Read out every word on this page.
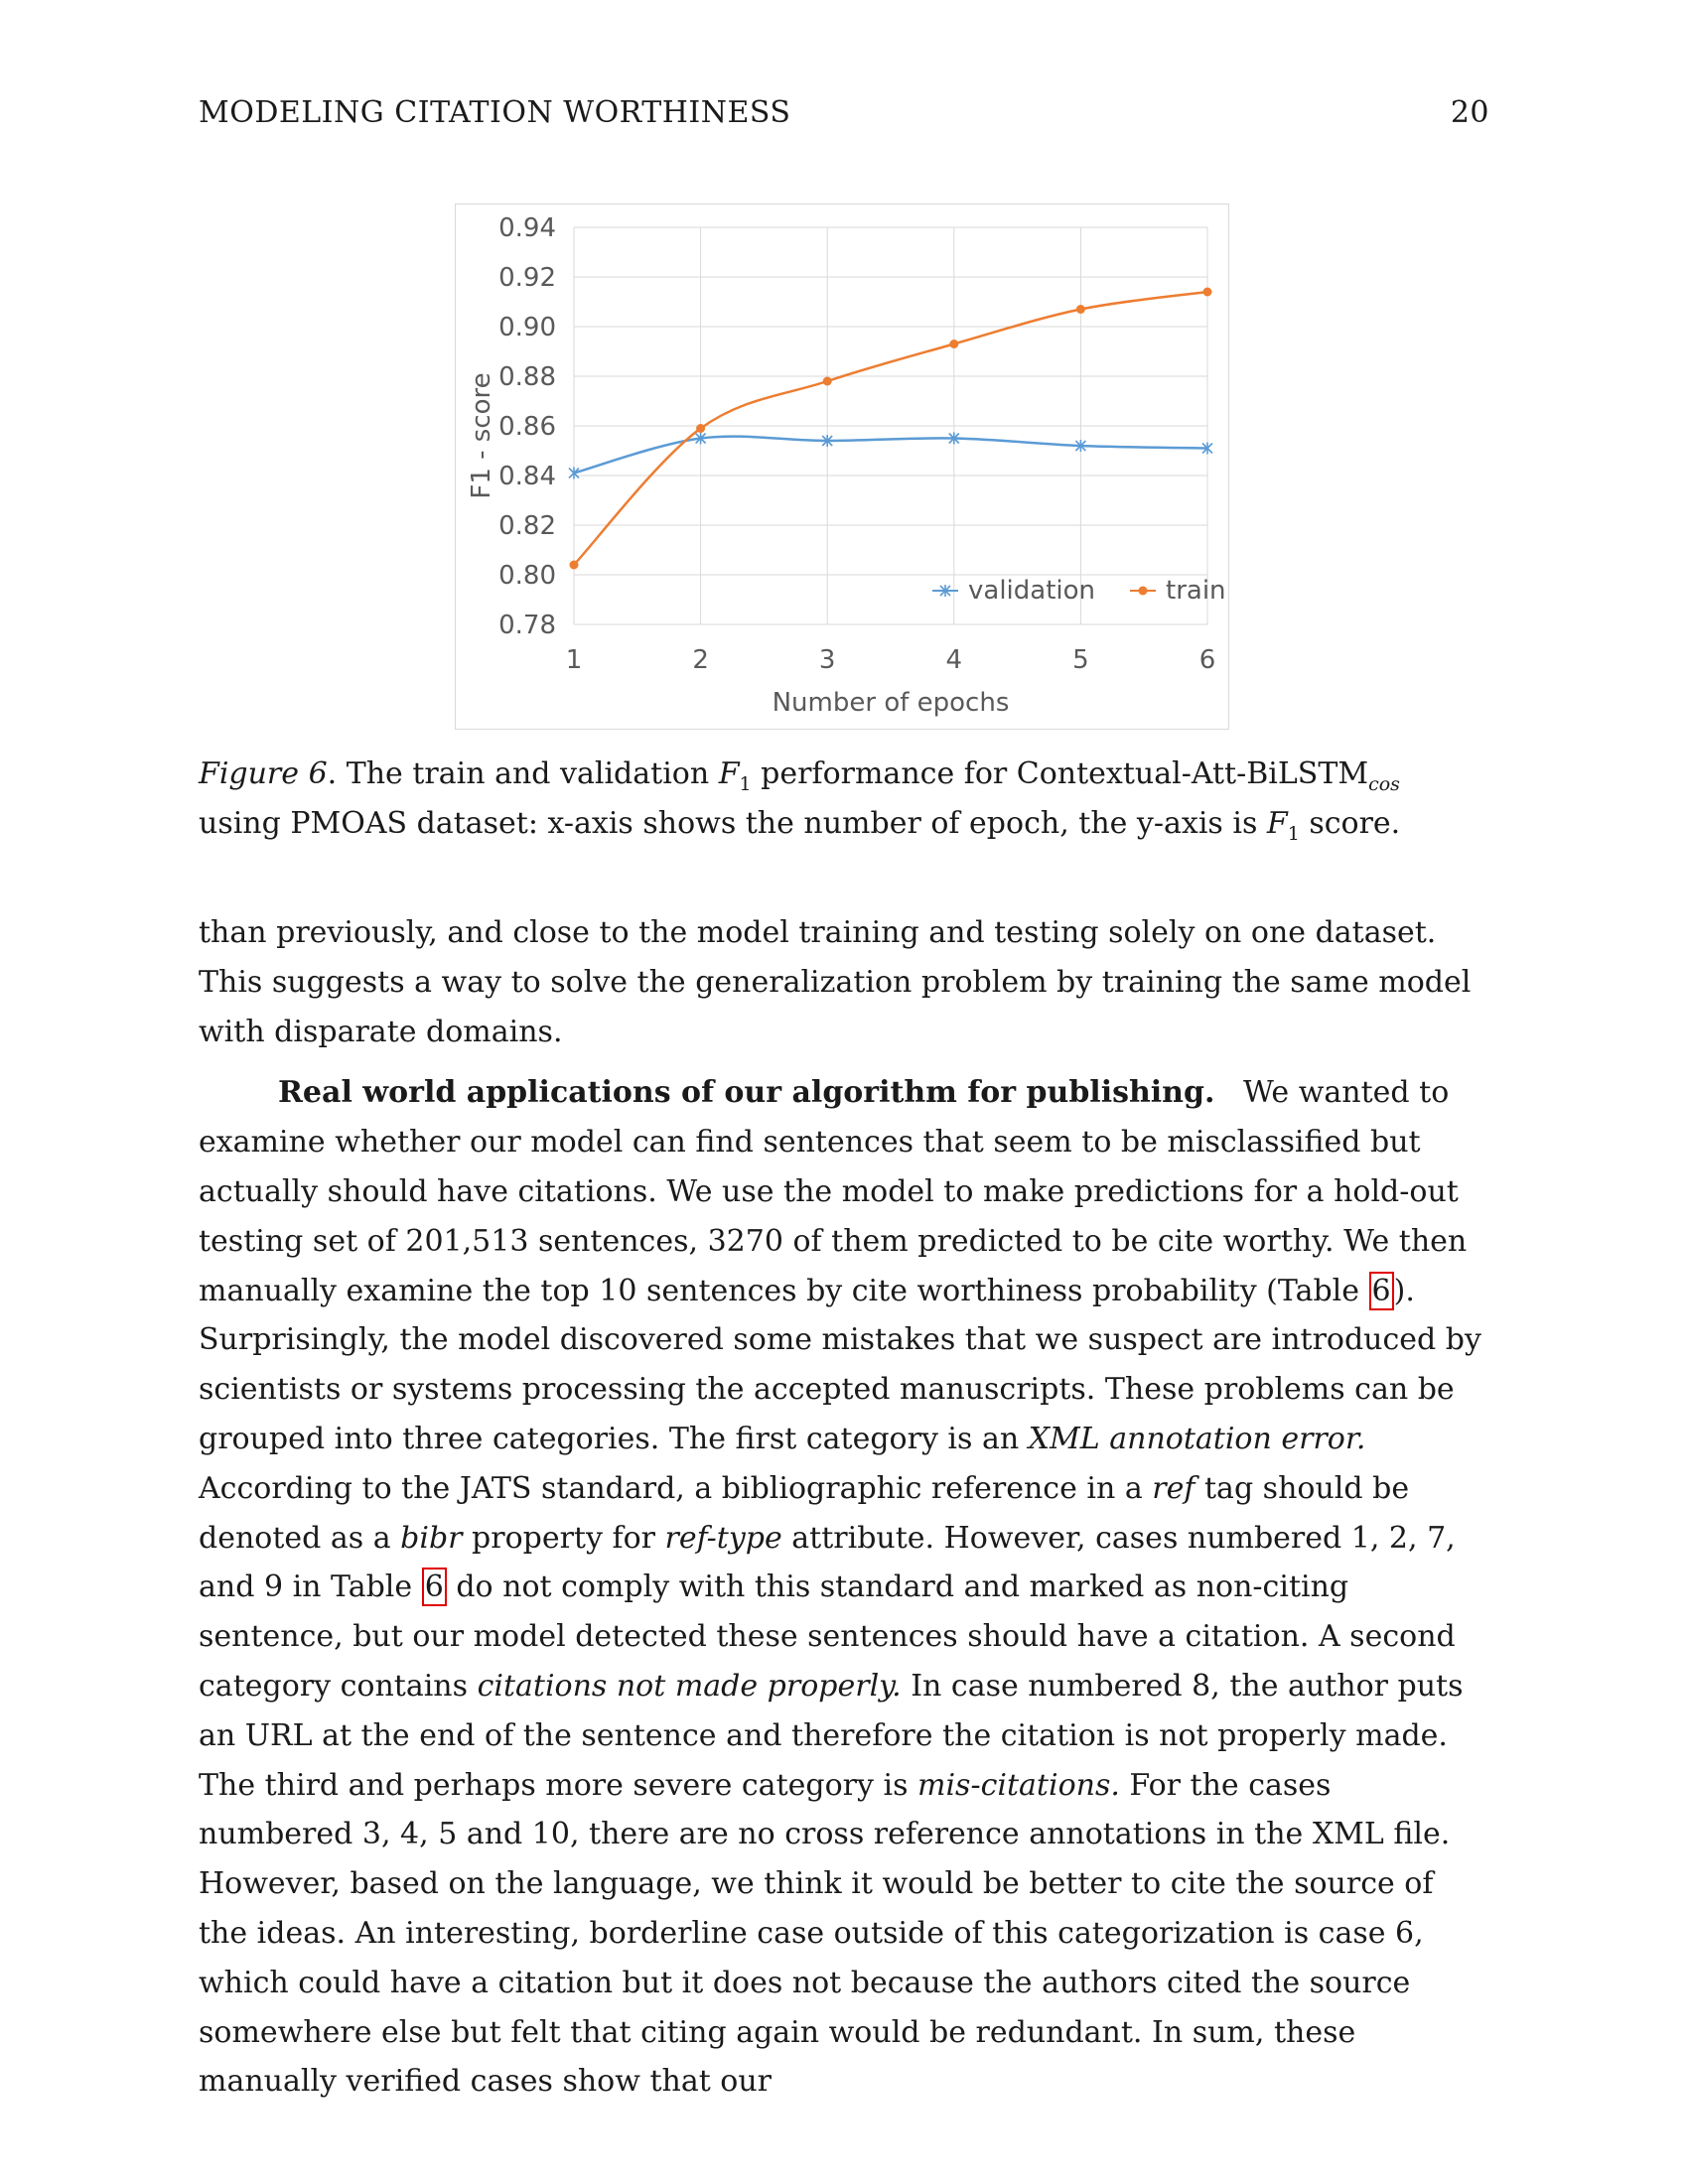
MODELING CITATION WORTHINESS	20
0.94
0.92
0.90
0.88
0.86
0.84
0.82
0.80
0.78
1	2	3	4	5	6
Number of epochs
F1 - score
validation	train
Figure 6. The train and validation $F_1$ performance for Contextual-Att-BiLSTM$_{cos}$ using PMOAS dataset: x-axis shows the number of epoch, the y-axis is $F_1$ score.

than previously, and close to the model training and testing solely on one dataset. This suggests a way to solve the generalization problem by training the same model with disparate domains.

Real world applications of our algorithm for publishing. We wanted to examine whether our model can find sentences that seem to be misclassified but actually should have citations. We use the model to make predictions for a hold-out testing set of 201,513 sentences, 3270 of them predicted to be cite worthy. We then manually examine the top 10 sentences by cite worthiness probability (Table 6 ). Surprisingly, the model discovered some mistakes that we suspect are introduced by scientists or systems processing the accepted manuscripts. These problems can be grouped into three categories. The first category is an XML annotation error. According to the JATS standard, a bibliographic reference in a ref tag should be denoted as a bibr property for ref-type attribute. However, cases numbered 1, 2, 7, and 9 in Table 6 do not comply with this standard and marked as non-citing sentence, but our model detected these sentences should have a citation. A second category contains citations not made properly. In case numbered 8, the author puts an URL at the end of the sentence and therefore the citation is not properly made. The third and perhaps more severe category is mis-citations. For the cases numbered 3, 4, 5 and 10, there are no cross reference annotations in the XML file. However, based on the language, we think it would be better to cite the source of the ideas. An interesting, borderline case outside of this categorization is case 6, which could have a citation but it does not because the authors cited the source somewhere else but felt that citing again would be redundant. In sum, these manually verified cases show that our
